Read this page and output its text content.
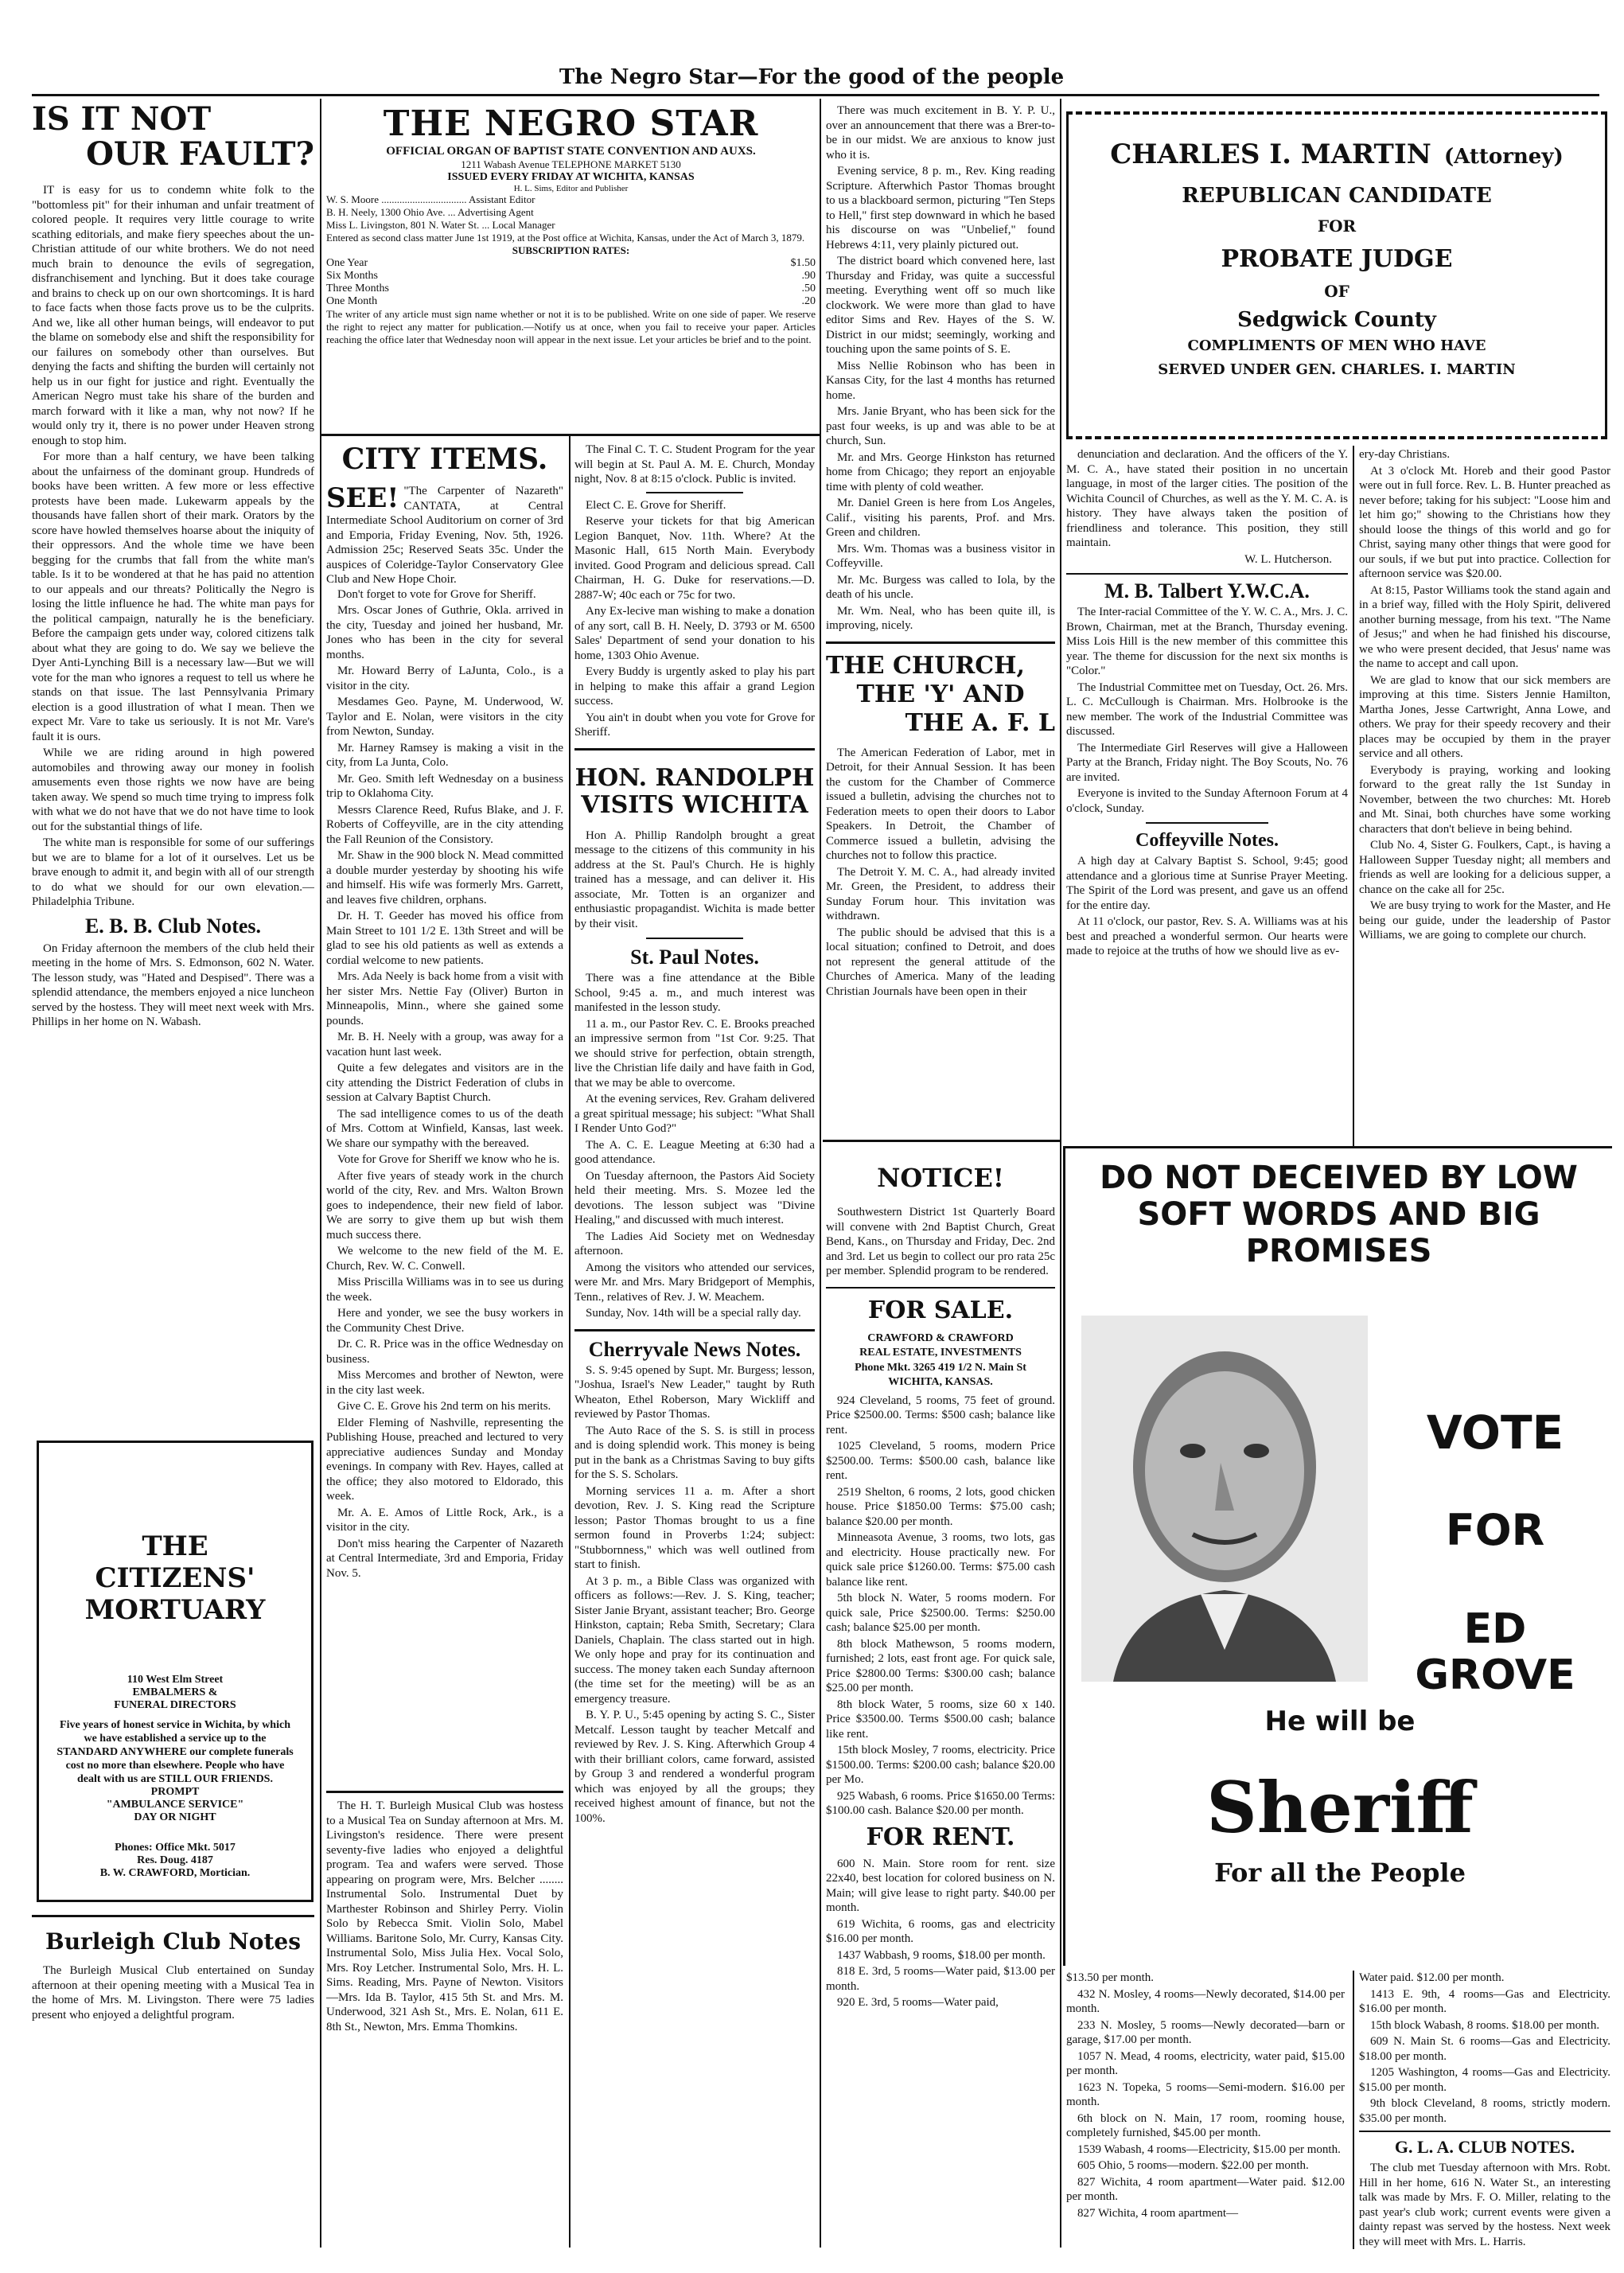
The Negro Star—For the good of the people
IS IT NOT
OUR FAULT?

IT is easy for us to condemn white folk to the "bottomless pit" for their inhuman and unfair treatment of colored people. It requires very little courage to write scathing editorials, and make fiery speeches about the un-Christian attitude of our white brothers. We do not need much brain to denounce the evils of segregation, disfranchisement and lynching. But it does take courage and brains to check up on our own shortcomings. It is hard to face facts when those facts prove us to be the culprits. And we, like all other human beings, will endeavor to put the blame on somebody else and shift the responsibility for our failures on somebody other than ourselves. But denying the facts and shifting the burden will certainly not help us in our fight for justice and right. Eventually the American Negro must take his share of the burden and march forward with it like a man, why not now? If he would only try it, there is no power under Heaven strong enough to stop him.

For more than a half century, we have been talking about the unfairness of the dominant group. Hundreds of books have been written. A few more or less effective protests have been made. Lukewarm appeals by the thousands have fallen short of their mark. Orators by the score have howled themselves hoarse about the iniquity of their oppressors. And the whole time we have been begging for the crumbs that fall from the white man's table. Is it to be wondered at that he has paid no attention to our appeals and our threats? Politically the Negro is losing the little influence he had. The white man pays for the political campaign, naturally he is the beneficiary. Before the campaign gets under way, colored citizens talk about what they are going to do. We say we believe the Dyer Anti-Lynching Bill is a necessary law—But we will vote for the man who ignores a request to tell us where he stands on that issue. The last Pennsylvania Primary election is a good illustration of what I mean. Then we expect Mr. Vare to take us seriously. It is not Mr. Vare's fault it is ours.

While we are riding around in high powered automobiles and throwing away our money in foolish amusements even those rights we now have are being taken away. We spend so much time trying to impress folk with what we do not have that we do not have time to look out for the substantial things of life.

The white man is responsible for some of our sufferings but we are to blame for a lot of it ourselves. Let us be brave enough to admit it, and begin with all of our strength to do what we should for our own elevation.—Philadelphia Tribune.

E. B. B. Club Notes.

On Friday afternoon the members of the club held their meeting in the home of Mrs. S. Edmonson, 602 N. Water. The lesson study, was "Hated and Despised". There was a splendid attendance, the members enjoyed a nice luncheon served by the hostess. They will meet next week with Mrs. Phillips in her home on N. Wabash.

THE
CITIZENS'
MORTUARY
110 West Elm Street
EMBALMERS &
FUNERAL DIRECTORS
Five years of honest service in Wichita, by which we have established a service up to the STANDARD ANYWHERE our complete funerals cost no more than elsewhere. People who have dealt with us are STILL OUR FRIENDS.
PROMPT
"AMBULANCE SERVICE"
DAY OR NIGHT
Phones: Office Mkt. 5017
Res. Doug. 4187
B. W. CRAWFORD, Mortician.
Burleigh Club Notes

The Burleigh Musical Club entertained on Sunday afternoon at their opening meeting with a Musical Tea in the home of Mrs. M. Livingston. There were 75 ladies present who enjoyed a delightful program.

THE NEGRO STAR
OFFICIAL ORGAN OF BAPTIST STATE CONVENTION AND AUXS.
1211 Wabash Avenue TELEPHONE MARKET 5130
ISSUED EVERY FRIDAY AT WICHITA, KANSAS
H. L. Sims, Editor and Publisher
W. S. Moore ................................. Assistant Editor
B. H. Neely, 1300 Ohio Ave. ... Advertising Agent
Miss L. Livingston, 801 N. Water St. ... Local Manager
Entered as second class matter June 1st 1919, at the Post office at Wichita, Kansas, under the Act of March 3, 1879.
SUBSCRIPTION RATES:
One Year	$1.50
Six Months	.90
Three Months	.50
One Month	.20
The writer of any article must sign name whether or not it is to be published. Write on one side of paper. We reserve the right to reject any matter for publication.—Notify us at once, when you fail to receive your paper. Articles reaching the office later that Wednesday noon will appear in the next issue. Let your articles be brief and to the point.
CITY ITEMS.
SEE! "The Carpenter of Nazareth" CANTATA, at Central Intermediate School Auditorium on corner of 3rd and Emporia, Friday Evening, Nov. 5th, 1926. Admission 25c; Reserved Seats 35c. Under the auspices of Coleridge-Taylor Conservatory Glee Club and New Hope Choir.

Don't forget to vote for Grove for Sheriff.

Mrs. Oscar Jones of Guthrie, Okla. arrived in the city, Tuesday and joined her husband, Mr. Jones who has been in the city for several months.

Mr. Howard Berry of LaJunta, Colo., is a visitor in the city.

Mesdames Geo. Payne, M. Underwood, W. Taylor and E. Nolan, were visitors in the city from Newton, Sunday.

Mr. Harney Ramsey is making a visit in the city, from La Junta, Colo.

Mr. Geo. Smith left Wednesday on a business trip to Oklahoma City.

Messrs Clarence Reed, Rufus Blake, and J. F. Roberts of Coffeyville, are in the city attending the Fall Reunion of the Consistory.

Mr. Shaw in the 900 block N. Mead committed a double murder yesterday by shooting his wife and himself. His wife was formerly Mrs. Garrett, and leaves five children, orphans.

Dr. H. T. Geeder has moved his office from Main Street to 101 1/2 E. 13th Street and will be glad to see his old patients as well as extends a cordial welcome to new patients.

Mrs. Ada Neely is back home from a visit with her sister Mrs. Nettie Fay (Oliver) Burton in Minneapolis, Minn., where she gained some pounds.

Mr. B. H. Neely with a group, was away for a vacation hunt last week.

Quite a few delegates and visitors are in the city attending the District Federation of clubs in session at Calvary Baptist Church.

The sad intelligence comes to us of the death of Mrs. Cottom at Winfield, Kansas, last week. We share our sympathy with the bereaved.

Vote for Grove for Sheriff we know who he is.

After five years of steady work in the church world of the city, Rev. and Mrs. Walton Brown goes to independence, their new field of labor. We are sorry to give them up but wish them much success there.

We welcome to the new field of the M. E. Church, Rev. W. C. Conwell.

Miss Priscilla Williams was in to see us during the week.

Here and yonder, we see the busy workers in the Community Chest Drive.

Dr. C. R. Price was in the office Wednesday on business.

Miss Mercomes and brother of Newton, were in the city last week.

Give C. E. Grove his 2nd term on his merits.

Elder Fleming of Nashville, representing the Publishing House, preached and lectured to very appreciative audiences Sunday and Monday evenings. In company with Rev. Hayes, called at the office; they also motored to Eldorado, this week.

Mr. A. E. Amos of Little Rock, Ark., is a visitor in the city.

Don't miss hearing the Carpenter of Nazareth at Central Intermediate, 3rd and Emporia, Friday Nov. 5.

The H. T. Burleigh Musical Club was hostess to a Musical Tea on Sunday afternoon at Mrs. M. Livingston's residence. There were present seventy-five ladies who enjoyed a delightful program. Tea and wafers were served. Those appearing on program were, Mrs. Belcher ........ Instrumental Solo. Instrumental Duet by Marthester Robinson and Shirley Perry. Violin Solo by Rebecca Smit. Violin Solo, Mabel Williams. Baritone Solo, Mr. Curry, Kansas City. Instrumental Solo, Miss Julia Hex. Vocal Solo, Mrs. Roy Letcher. Instrumental Solo, Mrs. H. L. Sims. Reading, Mrs. Payne of Newton. Visitors—Mrs. Ida B. Taylor, 415 5th St. and Mrs. M. Underwood, 321 Ash St., Mrs. E. Nolan, 611 E. 8th St., Newton, Mrs. Emma Thomkins.

The Final C. T. C. Student Program for the year will begin at St. Paul A. M. E. Church, Monday night, Nov. 8 at 8:15 o'clock. Public is invited.

Elect C. E. Grove for Sheriff.

Reserve your tickets for that big American Legion Banquet, Nov. 11th. Where? At the Masonic Hall, 615 North Main. Everybody invited. Good Program and delicious spread. Call Chairman, H. G. Duke for reservations.—D. 2887-W; 40c each or 75c for two.

Any Ex-lecive man wishing to make a donation of any sort, call B. H. Neely, D. 3793 or M. 6500 Sales' Department of send your donation to his home, 1303 Ohio Avenue.

Every Buddy is urgently asked to play his part in helping to make this affair a grand Legion success.

You ain't in doubt when you vote for Grove for Sheriff.

HON. RANDOLPH
VISITS WICHITA

Hon A. Phillip Randolph brought a great message to the citizens of this community in his address at the St. Paul's Church. He is highly trained has a message, and can deliver it. His associate, Mr. Totten is an organizer and enthusiastic propagandist. Wichita is made better by their visit.

St. Paul Notes.

There was a fine attendance at the Bible School, 9:45 a. m., and much interest was manifested in the lesson study.

11 a. m., our Pastor Rev. C. E. Brooks preached an impressive sermon from "1st Cor. 9:25. That we should strive for perfection, obtain strength, live the Christian life daily and have faith in God, that we may be able to overcome.

At the evening services, Rev. Graham delivered a great spiritual message; his subject: "What Shall I Render Unto God?"

The A. C. E. League Meeting at 6:30 had a good attendance.

On Tuesday afternoon, the Pastors Aid Society held their meeting. Mrs. S. Mozee led the devotions. The lesson subject was "Divine Healing," and discussed with much interest.

The Ladies Aid Society met on Wednesday afternoon.

Among the visitors who attended our services, were Mr. and Mrs. Mary Bridgeport of Memphis, Tenn., relatives of Rev. J. W. Meachem.

Sunday, Nov. 14th will be a special rally day.

Cherryvale News Notes.

S. S. 9:45 opened by Supt. Mr. Burgess; lesson, "Joshua, Israel's New Leader," taught by Ruth Wheaton, Ethel Roberson, Mary Wickliff and reviewed by Pastor Thomas.

The Auto Race of the S. S. is still in process and is doing splendid work. This money is being put in the bank as a Christmas Saving to buy gifts for the S. S. Scholars.

Morning services 11 a. m. After a short devotion, Rev. J. S. King read the Scripture lesson; Pastor Thomas brought to us a fine sermon found in Proverbs 1:24; subject: "Stubbornness," which was well outlined from start to finish.

At 3 p. m., a Bible Class was organized with officers as follows:—Rev. J. S. King, teacher; Sister Janie Bryant, assistant teacher; Bro. George Hinkston, captain; Reba Smith, Secretary; Clara Daniels, Chaplain. The class started out in high. We only hope and pray for its continuation and success. The money taken each Sunday afternoon (the time set for the meeting) will be as an emergency treasure.

B. Y. P. U., 5:45 opening by acting S. C., Sister Metcalf. Lesson taught by teacher Metcalf and reviewed by Rev. J. S. King. Afterwhich Group 4 with their brilliant colors, came forward, assisted by Group 3 and rendered a wonderful program which was enjoyed by all the groups; they received highest amount of finance, but not the 100%.

There was much excitement in B. Y. P. U., over an announcement that there was a Brer-to-be in our midst. We are anxious to know just who it is.

Evening service, 8 p. m., Rev. King reading Scripture. Afterwhich Pastor Thomas brought to us a blackboard sermon, picturing "Ten Steps to Hell," first step downward in which he based his discourse on was "Unbelief," found Hebrews 4:11, very plainly pictured out.

The district board which convened here, last Thursday and Friday, was quite a successful meeting. Everything went off so much like clockwork. We were more than glad to have editor Sims and Rev. Hayes of the S. W. District in our midst; seemingly, working and touching upon the same points of S. E.

Miss Nellie Robinson who has been in Kansas City, for the last 4 months has returned home.

Mrs. Janie Bryant, who has been sick for the past four weeks, is up and was able to be at church, Sun.

Mr. and Mrs. George Hinkston has returned home from Chicago; they report an enjoyable time with plenty of cold weather.

Mr. Daniel Green is here from Los Angeles, Calif., visiting his parents, Prof. and Mrs. Green and children.

Mrs. Wm. Thomas was a business visitor in Coffeyville.

Mr. Mc. Burgess was called to Iola, by the death of his uncle.

Mr. Wm. Neal, who has been quite ill, is improving, nicely.

THE CHURCH,
THE 'Y' AND
THE A. F. L

The American Federation of Labor, met in Detroit, for their Annual Session. It has been the custom for the Chamber of Commerce issued a bulletin, advising the churches not to Federation meets to open their doors to Labor Speakers. In Detroit, the Chamber of Commerce issued a bulletin, advising the churches not to follow this practice.

The Detroit Y. M. C. A., had already invited Mr. Green, the President, to address their Sunday Forum hour. This invitation was withdrawn.

The public should be advised that this is a local situation; confined to Detroit, and does not represent the general attitude of the Churches of America. Many of the leading Christian Journals have been open in their

NOTICE!

Southwestern District 1st Quarterly Board will convene with 2nd Baptist Church, Great Bend, Kans., on Thursday and Friday, Dec. 2nd and 3rd. Let us begin to collect our pro rata 25c per member. Splendid program to be rendered.

FOR SALE.
CRAWFORD & CRAWFORD
REAL ESTATE, INVESTMENTS
Phone Mkt. 3265 419 1/2 N. Main St
WICHITA, KANSAS.

924 Cleveland, 5 rooms, 75 feet of ground. Price $2500.00. Terms: $500 cash; balance like rent.

1025 Cleveland, 5 rooms, modern Price $2500.00. Terms: $500.00 cash, balance like rent.

2519 Shelton, 6 rooms, 2 lots, good chicken house. Price $1850.00 Terms: $75.00 cash; balance $20.00 per month.

Minneasota Avenue, 3 rooms, two lots, gas and electricity. House practically new. For quick sale price $1260.00. Terms: $75.00 cash balance like rent.

5th block N. Water, 5 rooms modern. For quick sale, Price $2500.00. Terms: $250.00 cash; balance $25.00 per month.

8th block Mathewson, 5 rooms modern, furnished; 2 lots, east front age. For quick sale, Price $2800.00 Terms: $300.00 cash; balance $25.00 per month.

8th block Water, 5 rooms, size 60 x 140. Price $3500.00. Terms $500.00 cash; balance like rent.

15th block Mosley, 7 rooms, electricity. Price $1500.00. Terms: $200.00 cash; balance $20.00 per Mo.

925 Wabash, 6 rooms. Price $1650.00 Terms: $100.00 cash. Balance $20.00 per month.

FOR RENT.

600 N. Main. Store room for rent. size 22x40, best location for colored business on N. Main; will give lease to right party. $40.00 per month.

619 Wichita, 6 rooms, gas and electricity $16.00 per month.

1437 Wabbash, 9 rooms, $18.00 per month.

818 E. 3rd, 5 rooms—Water paid, $13.00 per month.

920 E. 3rd, 5 rooms—Water paid,

CHARLES I. MARTIN (Attorney)
REPUBLICAN CANDIDATE
FOR
PROBATE JUDGE
OF
Sedgwick County
COMPLIMENTS OF MEN WHO HAVE
SERVED UNDER GEN. CHARLES. I. MARTIN

denunciation and declaration. And the officers of the Y. M. C. A., have stated their position in no uncertain language, in most of the larger cities. The position of the Wichita Council of Churches, as well as the Y. M. C. A. is history. They have always taken the position of friendliness and tolerance. This position, they still maintain.

W. L. Hutcherson.
M. B. Talbert Y.W.C.A.

The Inter-racial Committee of the Y. W. C. A., Mrs. J. C. Brown, Chairman, met at the Branch, Thursday evening. Miss Lois Hill is the new member of this committee this year. The theme for discussion for the next six months is "Color."

The Industrial Committee met on Tuesday, Oct. 26. Mrs. L. C. McCullough is Chairman. Mrs. Holbrooke is the new member. The work of the Industrial Committee was discussed.

The Intermediate Girl Reserves will give a Halloween Party at the Branch, Friday night. The Boy Scouts, No. 76 are invited.

Everyone is invited to the Sunday Afternoon Forum at 4 o'clock, Sunday.

Coffeyville Notes.

A high day at Calvary Baptist S. School, 9:45; good attendance and a glorious time at Sunrise Prayer Meeting. The Spirit of the Lord was present, and gave us an offend for the entire day.

At 11 o'clock, our pastor, Rev. S. A. Williams was at his best and preached a wonderful sermon. Our hearts were made to rejoice at the truths of how we should live as ev-

ery-day Christians.

At 3 o'clock Mt. Horeb and their good Pastor were out in full force. Rev. L. B. Hunter preached as never before; taking for his subject: "Loose him and let him go;" showing to the Christians how they should loose the things of this world and go for Christ, saying many other things that were good for our souls, if we but put into practice. Collection for afternoon service was $20.00.

At 8:15, Pastor Williams took the stand again and in a brief way, filled with the Holy Spirit, delivered another burning message, from his text. "The Name of Jesus;" and when he had finished his discourse, we who were present decided, that Jesus' name was the name to accept and call upon.

We are glad to know that our sick members are improving at this time. Sisters Jennie Hamilton, Martha Jones, Jesse Cartwright, Anna Lowe, and others. We pray for their speedy recovery and their places may be occupied by them in the prayer service and all others.

Everybody is praying, working and looking forward to the great rally the 1st Sunday in November, between the two churches: Mt. Horeb and Mt. Sinai, both churches have some working characters that don't believe in being behind.

Club No. 4, Sister G. Foulkers, Capt., is having a Halloween Supper Tuesday night; all members and friends as well are looking for a delicious supper, a chance on the cake all for 25c.

We are busy trying to work for the Master, and He being our guide, under the leadership of Pastor Williams, we are going to complete our church.

DO NOT DECEIVED BY LOW
SOFT WORDS AND BIG
PROMISES
VOTE
FOR
ED GROVE
He will be
Sheriff
For all the People

$13.50 per month.

432 N. Mosley, 4 rooms—Newly decorated, $14.00 per month.

233 N. Mosley, 5 rooms—Newly decorated—barn or garage, $17.00 per month.

1057 N. Mead, 4 rooms, electricity, water paid, $15.00 per month.

1623 N. Topeka, 5 rooms—Semi-modern. $16.00 per month.

6th block on N. Main, 17 room, rooming house, completely furnished, $45.00 per month.

1539 Wabash, 4 rooms—Electricity, $15.00 per month.

605 Ohio, 5 rooms—modern. $22.00 per month.

827 Wichita, 4 room apartment—Water paid. $12.00 per month.

827 Wichita, 4 room apartment—

Water paid. $12.00 per month.

1413 E. 9th, 4 rooms—Gas and Electricity. $16.00 per month.

15th block Wabash, 8 rooms. $18.00 per month.

609 N. Main St. 6 rooms—Gas and Electricity. $18.00 per month.

1205 Washington, 4 rooms—Gas and Electricity. $15.00 per month.

9th block Cleveland, 8 rooms, strictly modern. $35.00 per month.

G. L. A. CLUB NOTES.

The club met Tuesday afternoon with Mrs. Robt. Hill in her home, 616 N. Water St., an interesting talk was made by Mrs. F. O. Miller, relating to the past year's club work; current events were given a dainty repast was served by the hostess. Next week they will meet with Mrs. L. Harris.
